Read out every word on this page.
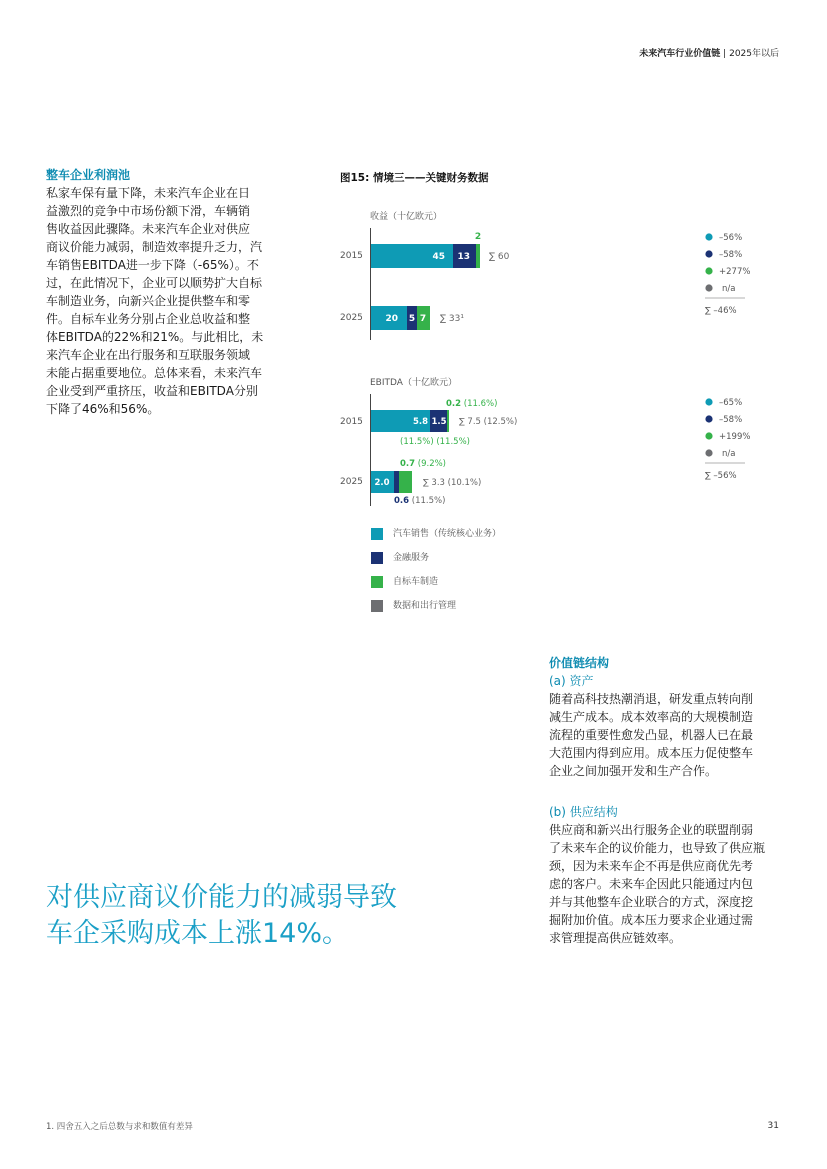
未来汽车行业价值链 | 2025年以后
整车企业利润池
私家车保有量下降，未来汽车企业在日
益激烈的竞争中市场份额下滑，车辆销
售收益因此骤降。未来汽车企业对供应
商议价能力减弱，制造效率提升乏力，汽
车销售EBITDA进一步下降（-65%）。不
过，在此情况下，企业可以顺势扩大自标
车制造业务，向新兴企业提供整车和零
件。自标车业务分别占企业总收益和整
体EBITDA的22%和21%。与此相比，未
来汽车企业在出行服务和互联服务领域
未能占据重要地位。总体来看，未来汽车
企业受到严重挤压，收益和EBITDA分别
下降了46%和56%。
图15: 情境三——关键财务数据
收益（十亿欧元）
2015
2025
45 13
2
∑ 60
20 5 7 ∑ 33¹
–56%
–58%
+277%
n/a
∑ –46%
EBITDA（十亿欧元）
2015
2025
0.2 (11.6%)
5.8 1.5 ∑ 7.5 (12.5%)
(11.5%) (11.5%)
0.7 (9.2%)
2.0	∑ 3.3 (10.1%)
0.6 (11.5%)
–65%
–58%
+199%
n/a
∑ –56%
汽车销售（传统核心业务）
金融服务
自标车制造
数据和出行管理
价值链结构
(a) 资产
随着高科技热潮消退，研发重点转向削
减生产成本。成本效率高的大规模制造
流程的重要性愈发凸显，机器人已在最
大范围内得到应用。成本压力促使整车
企业之间加强开发和生产合作。
(b) 供应结构
供应商和新兴出行服务企业的联盟削弱
了未来车企的议价能力，也导致了供应瓶
颈，因为未来车企不再是供应商优先考
虑的客户。未来车企因此只能通过内包
并与其他整车企业联合的方式，深度挖
掘附加价值。成本压力要求企业通过需
求管理提高供应链效率。
对供应商议价能力的减弱导致
车企采购成本上涨14%。
1. 四舍五入之后总数与求和数值有差异	31
